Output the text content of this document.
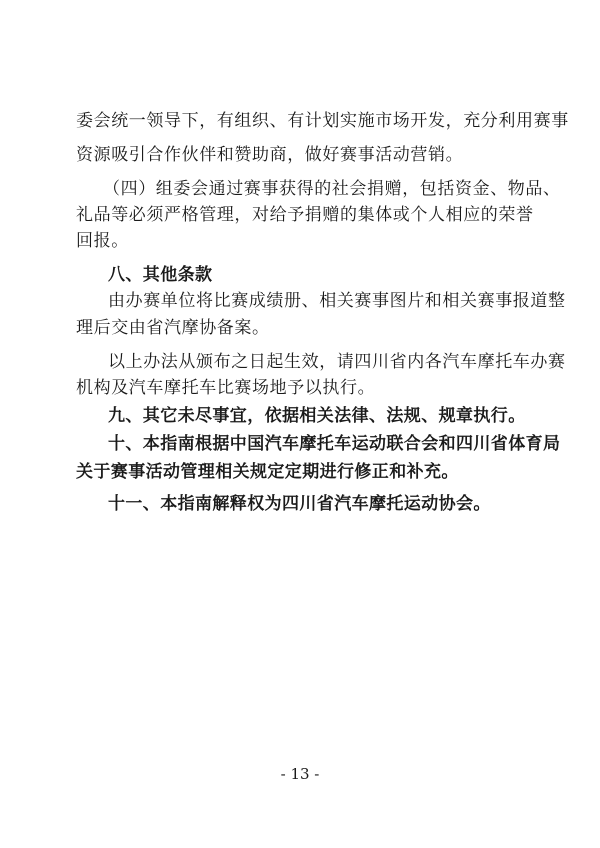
委会统一领导下，有组织、有计划实施市场开发，充分利用赛事
资源吸引合作伙伴和赞助商，做好赛事活动营销。
（四）组委会通过赛事获得的社会捐赠，包括资金、物品、
礼品等必须严格管理，对给予捐赠的集体或个人相应的荣誉
回报。
八、其他条款
由办赛单位将比赛成绩册、相关赛事图片和相关赛事报道整
理后交由省汽摩协备案。
以上办法从颁布之日起生效，请四川省内各汽车摩托车办赛
机构及汽车摩托车比赛场地予以执行。
九、其它未尽事宜，依据相关法律、法规、规章执行。
十、本指南根据中国汽车摩托车运动联合会和四川省体育局
关于赛事活动管理相关规定定期进行修正和补充。
十一、本指南解释权为四川省汽车摩托运动协会。
- 13 -
